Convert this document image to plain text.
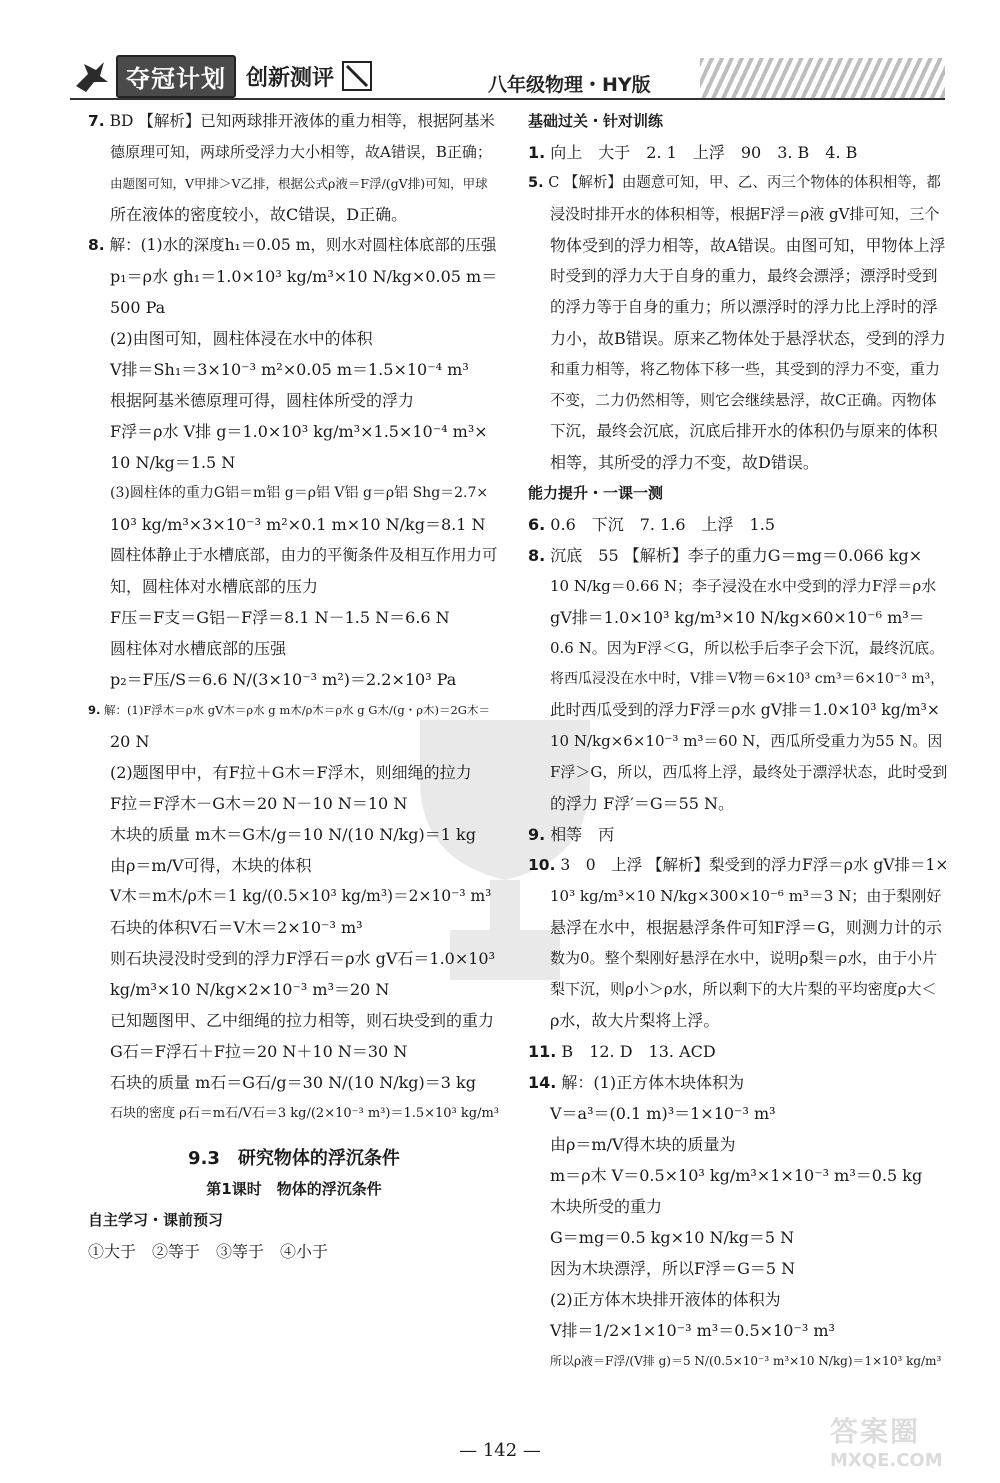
夺冠计划 创新测评	八年级物理・HY版
7. BD 【解析】已知两球排开液体的重力相等，根据阿基米
德原理可知，两球所受浮力大小相等，故A错误，B正确；
由题图可知，V甲排＞V乙排，根据公式ρ液＝F浮/(gV排)可知，甲球
所在液体的密度较小，故C错误，D正确。
8. 解：(1)水的深度h₁＝0.05 m，则水对圆柱体底部的压强
p₁＝ρ水 gh₁＝1.0×10³ kg/m³×10 N/kg×0.05 m＝
500 Pa
(2)由图可知，圆柱体浸在水中的体积
V排＝Sh₁＝3×10⁻³ m²×0.05 m＝1.5×10⁻⁴ m³
根据阿基米德原理可得，圆柱体所受的浮力
F浮＝ρ水 V排 g＝1.0×10³ kg/m³×1.5×10⁻⁴ m³×
10 N/kg＝1.5 N
(3)圆柱体的重力G铝＝m铝 g＝ρ铝 V铝 g＝ρ铝 Shg＝2.7×
10³ kg/m³×3×10⁻³ m²×0.1 m×10 N/kg＝8.1 N
圆柱体静止于水槽底部，由力的平衡条件及相互作用力可
知，圆柱体对水槽底部的压力
F压＝F支＝G铝－F浮＝8.1 N－1.5 N＝6.6 N
圆柱体对水槽底部的压强
p₂＝F压/S＝6.6 N/(3×10⁻³ m²)＝2.2×10³ Pa
9. 解：(1)F浮木＝ρ水 gV木＝ρ水 g m木/ρ木＝ρ水 g G木/(g・ρ木)＝2G木＝
20 N
(2)题图甲中，有F拉＋G木＝F浮木，则细绳的拉力
F拉＝F浮木－G木＝20 N－10 N＝10 N
木块的质量 m木＝G木/g＝10 N/(10 N/kg)＝1 kg
由ρ＝m/V可得，木块的体积
V木＝m木/ρ木＝1 kg/(0.5×10³ kg/m³)＝2×10⁻³ m³
石块的体积V石＝V木＝2×10⁻³ m³
则石块浸没时受到的浮力F浮石＝ρ水 gV石＝1.0×10³
kg/m³×10 N/kg×2×10⁻³ m³＝20 N
已知题图甲、乙中细绳的拉力相等，则石块受到的重力
G石＝F浮石＋F拉＝20 N＋10 N＝30 N
石块的质量 m石＝G石/g＝30 N/(10 N/kg)＝3 kg
石块的密度 ρ石＝m石/V石＝3 kg/(2×10⁻³ m³)＝1.5×10³ kg/m³
9.3　研究物体的浮沉条件
第1课时　物体的浮沉条件
自主学习・课前预习
①大于　②等于　③等于　④小于
基础过关・针对训练
1. 向上　大于　2. 1　上浮　90　3. B　4. B
5. C 【解析】由题意可知，甲、乙、丙三个物体的体积相等，都
浸没时排开水的体积相等，根据F浮＝ρ液 gV排可知，三个
物体受到的浮力相等，故A错误。由图可知，甲物体上浮
时受到的浮力大于自身的重力，最终会漂浮；漂浮时受到
的浮力等于自身的重力；所以漂浮时的浮力比上浮时的浮
力小，故B错误。原来乙物体处于悬浮状态，受到的浮力
和重力相等，将乙物体下移一些，其受到的浮力不变，重力
不变，二力仍然相等，则它会继续悬浮，故C正确。丙物体
下沉，最终会沉底，沉底后排开水的体积仍与原来的体积
相等，其所受的浮力不变，故D错误。
能力提升・一课一测
6. 0.6　下沉　7. 1.6　上浮　1.5
8. 沉底　55 【解析】李子的重力G＝mg＝0.066 kg×
10 N/kg＝0.66 N；李子浸没在水中受到的浮力F浮＝ρ水
gV排＝1.0×10³ kg/m³×10 N/kg×60×10⁻⁶ m³＝
0.6 N。因为F浮＜G，所以松手后李子会下沉，最终沉底。
将西瓜浸没在水中时，V排＝V物＝6×10³ cm³＝6×10⁻³ m³，
此时西瓜受到的浮力F浮＝ρ水 gV排＝1.0×10³ kg/m³×
10 N/kg×6×10⁻³ m³＝60 N，西瓜所受重力为55 N。因
F浮＞G，所以，西瓜将上浮，最终处于漂浮状态，此时受到
的浮力 F浮′＝G＝55 N。
9. 相等　丙
10. 3　0　上浮 【解析】梨受到的浮力F浮＝ρ水 gV排＝1×
10³ kg/m³×10 N/kg×300×10⁻⁶ m³＝3 N；由于梨刚好
悬浮在水中，根据悬浮条件可知F浮＝G，则测力计的示
数为0。整个梨刚好悬浮在水中，说明ρ梨＝ρ水，由于小片
梨下沉，则ρ小＞ρ水，所以剩下的大片梨的平均密度ρ大＜
ρ水，故大片梨将上浮。
11. B　12. D　13. ACD
14. 解：(1)正方体木块体积为
V＝a³＝(0.1 m)³＝1×10⁻³ m³
由ρ＝m/V得木块的质量为
m＝ρ木 V＝0.5×10³ kg/m³×1×10⁻³ m³＝0.5 kg
木块所受的重力
G＝mg＝0.5 kg×10 N/kg＝5 N
因为木块漂浮，所以F浮＝G＝5 N
(2)正方体木块排开液体的体积为
V排＝1/2×1×10⁻³ m³＝0.5×10⁻³ m³
所以ρ液＝F浮/(V排 g)＝5 N/(0.5×10⁻³ m³×10 N/kg)＝1×10³ kg/m³
— 142 —
答案圈
MXQE.COM
